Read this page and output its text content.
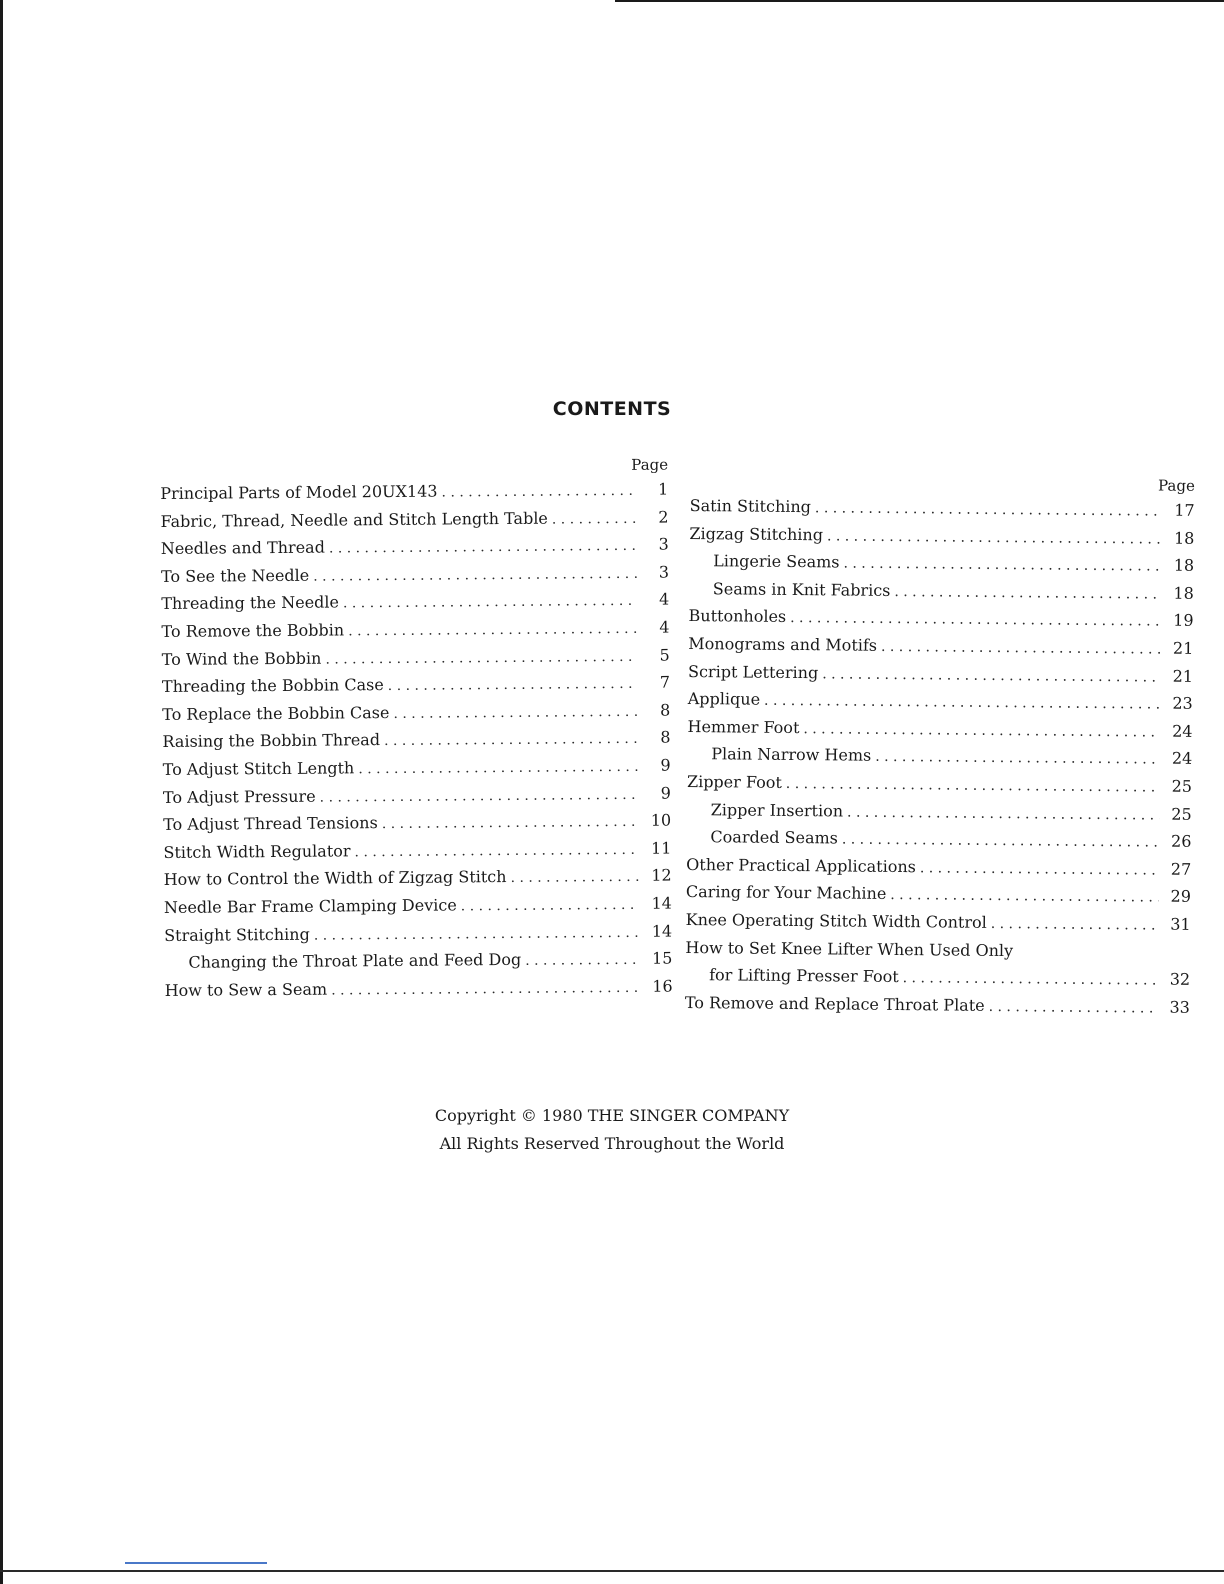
CONTENTS
Page
Principal Parts of Model 20UX143 . . .	1
Fabric, Thread, Needle and Stitch Length Table . . .	2
Needles and Thread . . .	3
To See the Needle . . .	3
Threading the Needle . . .	4
To Remove the Bobbin . . .	4
To Wind the Bobbin . . .	5
Threading the Bobbin Case . . .	7
To Replace the Bobbin Case . . .	8
Raising the Bobbin Thread . . .	8
To Adjust Stitch Length . . .	9
To Adjust Pressure . . .	9
To Adjust Thread Tensions . . .	10
Stitch Width Regulator . . .	11
How to Control the Width of Zigzag Stitch . . .	12
Needle Bar Frame Clamping Device . . .	14
Straight Stitching . . .	14
Changing the Throat Plate and Feed Dog . . .	15
How to Sew a Seam . . .	16
Page
Satin Stitching . . .	17
Zigzag Stitching . . .	18
Lingerie Seams . . .	18
Seams in Knit Fabrics . . .	18
Buttonholes . . .	19
Monograms and Motifs . . .	21
Script Lettering . . .	21
Applique . . .	23
Hemmer Foot . . .	24
Plain Narrow Hems . . .	24
Zipper Foot . . .	25
Zipper Insertion . . .	25
Coarded Seams . . .	26
Other Practical Applications . . .	27
Caring for Your Machine . . .	29
Knee Operating Stitch Width Control . . .	31
How to Set Knee Lifter When Used Only
for Lifting Presser Foot . . .	32
To Remove and Replace Throat Plate . . .	33
Copyright © 1980 THE SINGER COMPANY
All Rights Reserved Throughout the World
